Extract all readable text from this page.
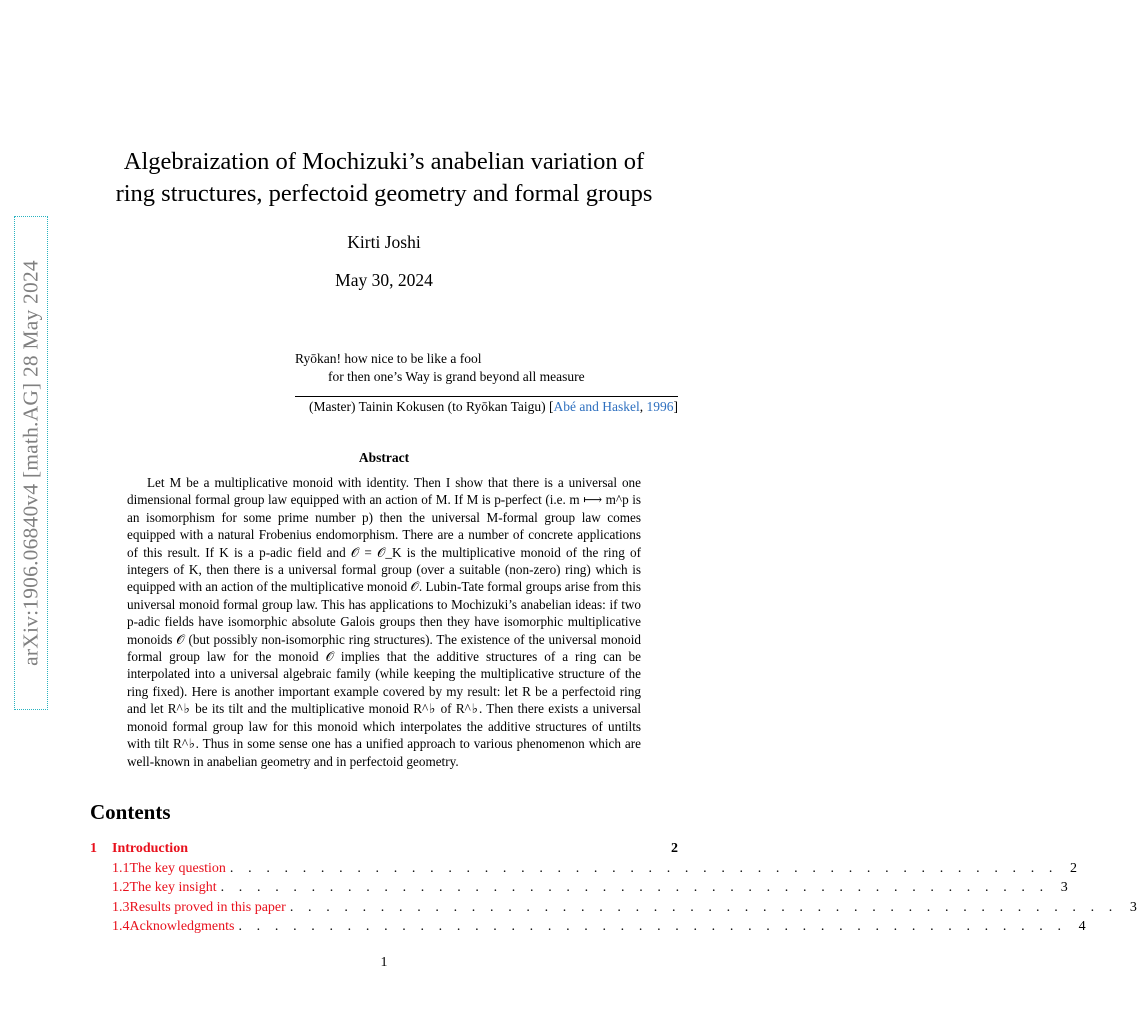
arXiv:1906.06840v4 [math.AG] 28 May 2024
Algebraization of Mochizuki’s anabelian variation of
ring structures, perfectoid geometry and formal groups
Kirti Joshi
May 30, 2024
Ryōkan! how nice to be like a fool
for then one’s Way is grand beyond all measure
(Master) Tainin Kokusen (to Ryōkan Taigu) [Abé and Haskel, 1996]
Abstract
Let M be a multiplicative monoid with identity. Then I show that there is a universal one dimensional formal group law equipped with an action of M. If M is p-perfect (i.e. m ⟼ m^p is an isomorphism for some prime number p) then the universal M-formal group law comes equipped with a natural Frobenius endomorphism. There are a number of concrete applications of this result. If K is a p-adic field and 𝒪 = 𝒪_K is the multiplicative monoid of the ring of integers of K, then there is a universal formal group (over a suitable (non-zero) ring) which is equipped with an action of the multiplicative monoid 𝒪. Lubin-Tate formal groups arise from this universal monoid formal group law. This has applications to Mochizuki’s anabelian ideas: if two p-adic fields have isomorphic absolute Galois groups then they have isomorphic multiplicative monoids 𝒪 (but possibly non-isomorphic ring structures). The existence of the universal monoid formal group law for the monoid 𝒪 implies that the additive structures of a ring can be interpolated into a universal algebraic family (while keeping the multiplicative structure of the ring fixed). Here is another important example covered by my result: let R be a perfectoid ring and let R^♭ be its tilt and the multiplicative monoid R^♭ of R^♭. Then there exists a universal monoid formal group law for this monoid which interpolates the additive structures of untilts with tilt R^♭. Thus in some sense one has a unified approach to various phenomenon which are well-known in anabelian geometry and in perfectoid geometry.
Contents
1	Introduction	2
1.1 The key question . . . . . . . . . . . . . . . . . . . . . . . . . . . . . . . . . . . . . . . . . . . . . . 2
1.2 The key insight . . . . . . . . . . . . . . . . . . . . . . . . . . . . . . . . . . . . . . . . . . . . . . 3
1.3 Results proved in this paper . . . . . . . . . . . . . . . . . . . . . . . . . . . . . . . . . . . . . . . . . . . . . . 3
1.4 Acknowledgments . . . . . . . . . . . . . . . . . . . . . . . . . . . . . . . . . . . . . . . . . . . . . . 4
1
